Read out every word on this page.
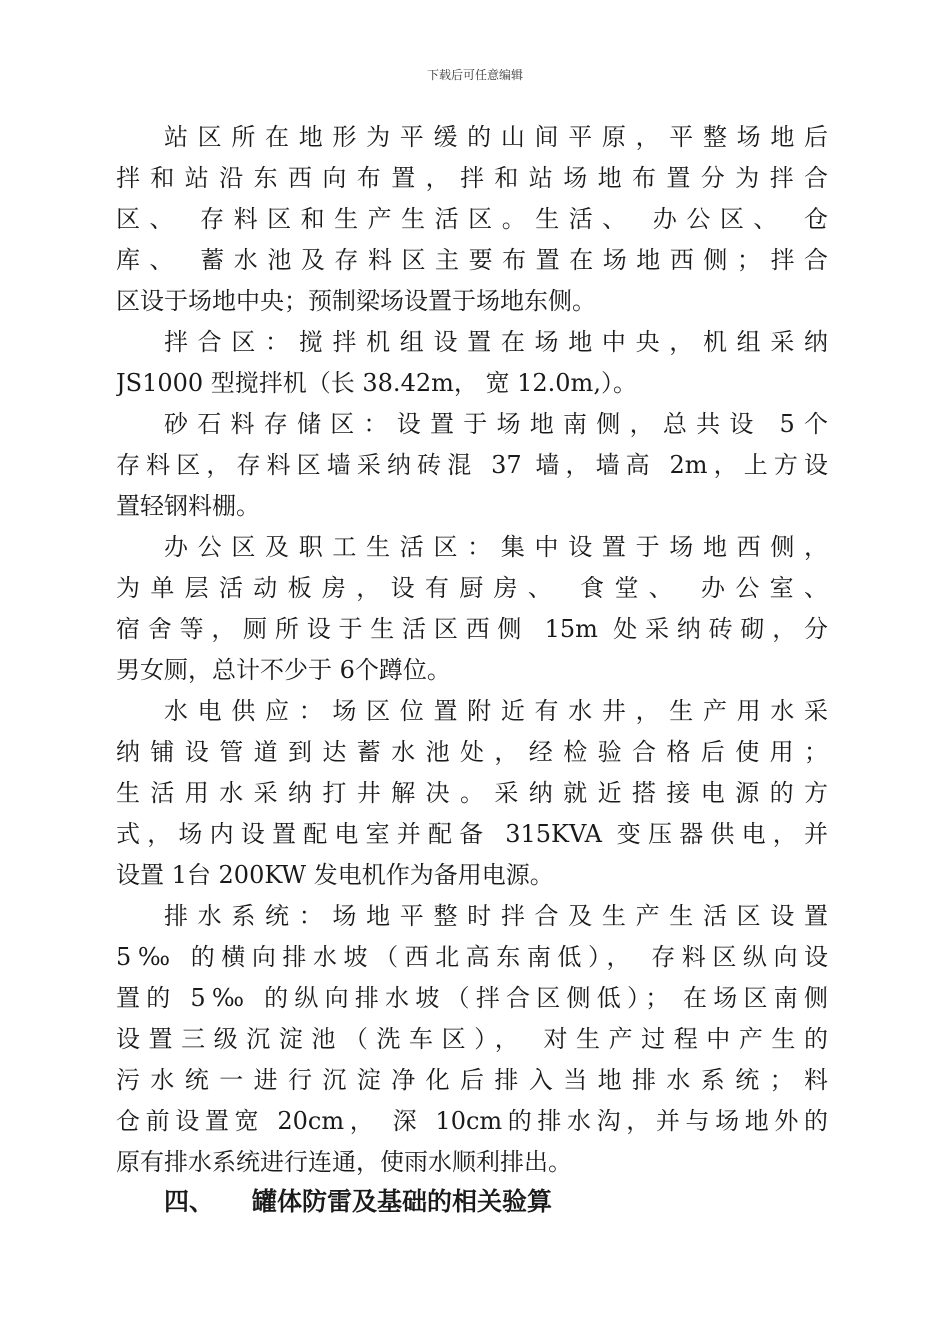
下载后可任意编辑
站区所在地形为平缓的山间平原，平整场地后
拌和站沿东西向布置，拌和站场地布置分为拌合
区、 存料区和生产生活区。生活、 办公区、 仓
库、 蓄水池及存料区主要布置在场地西侧；拌合
区设于场地中央；预制梁场设置于场地东侧。
拌合区：搅拌机组设置在场地中央，机组采纳
JS1000 型搅拌机（长 38.42m， 宽 12.0m,）。
砂石料存储区：设置于场地南侧，总共设 5个
存料区，存料区墙采纳砖混 37 墙，墙高 2m，上方设
置轻钢料棚。
办公区及职工生活区：集中设置于场地西侧，
为单层活动板房，设有厨房、 食堂、 办公室、
宿舍等，厕所设于生活区西侧 15m 处采纳砖砌，分
男女厕，总计不少于 6个蹲位。
水电供应：场区位置附近有水井，生产用水采
纳铺设管道到达蓄水池处，经检验合格后使用；
生活用水采纳打井解决。采纳就近搭接电源的方
式，场内设置配电室并配备 315KVA 变压器供电，并
设置 1台 200KW 发电机作为备用电源。
排水系统：场地平整时拌合及生产生活区设置
5‰ 的横向排水坡（西北高东南低）， 存料区纵向设
置的 5‰ 的纵向排水坡（拌合区侧低）； 在场区南侧
设置三级沉淀池（洗车区）， 对生产过程中产生的
污水统一进行沉淀净化后排入当地排水系统；料
仓前设置宽 20cm， 深 10cm的排水沟，并与场地外的
原有排水系统进行连通，使雨水顺利排出。
四、 罐体防雷及基础的相关验算
